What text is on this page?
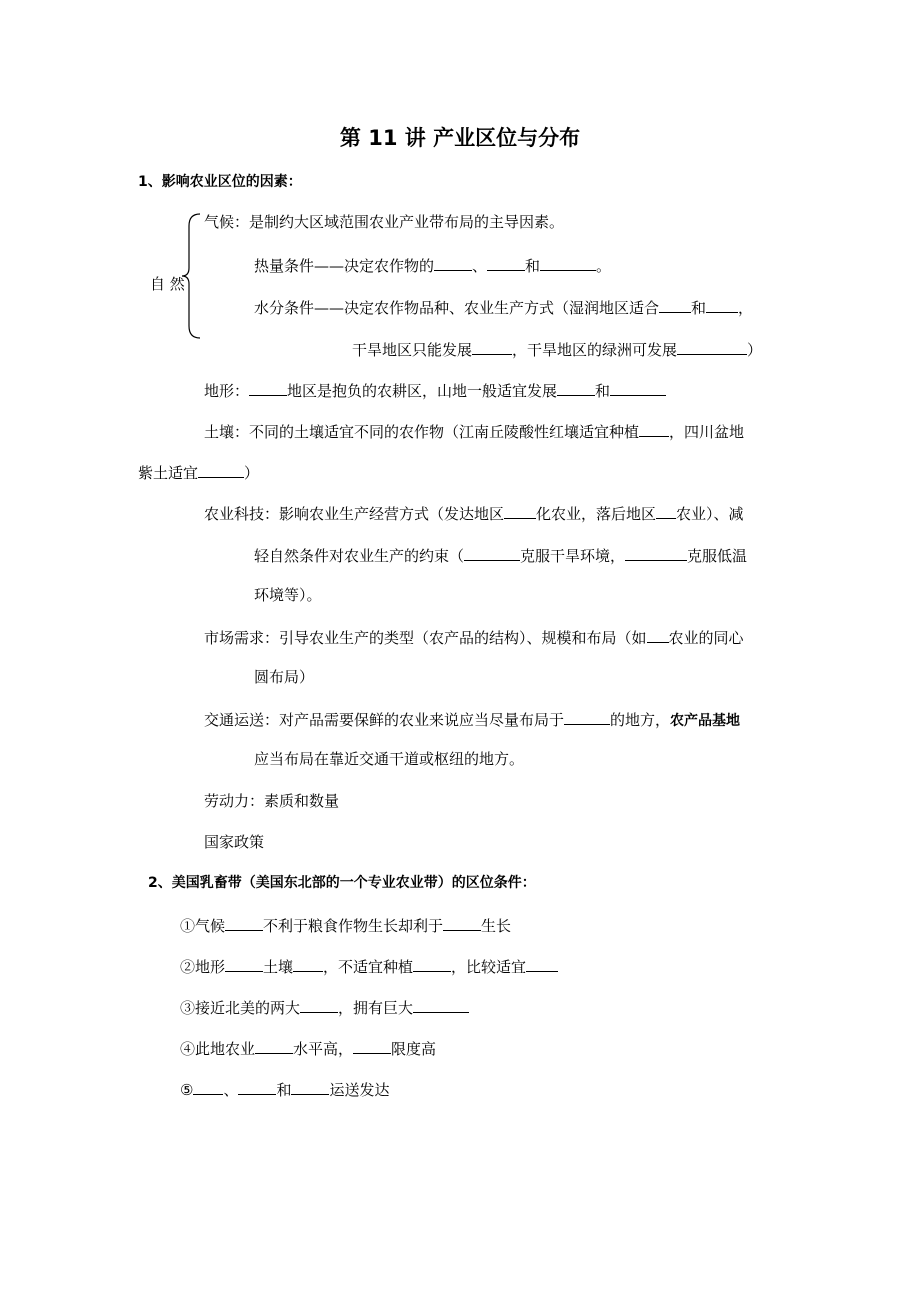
第 11 讲 产业区位与分布
1、影响农业区位的因素：
自 然
气候：是制约大区域范围农业产业带布局的主导因素。
热量条件——决定农作物的	、	和	。
水分条件——决定农作物品种、农业生产方式（湿润地区适合 和 ，
干旱地区只能发展	，干旱地区的绿洲可发展	）
地形：	地区是抱负的农耕区，山地一般适宜发展	和
土壤：不同的土壤适宜不同的农作物（江南丘陵酸性红壤适宜种植 ，四川盆地
紫土适宜	）
农业科技：影响农业生产经营方式（发达地区 化农业，落后地区 农业）、减
轻自然条件对农业生产的约束（	克服干旱环境，	克服低温
环境等）。
市场需求：引导农业生产的类型（农产品的结构）、规模和布局（如 农业的同心
圆布局）
交通运送：对产品需要保鲜的农业来说应当尽量布局于	的地方，农产品基地
应当布局在靠近交通干道或枢纽的地方。
劳动力：素质和数量
国家政策
2、美国乳畜带（美国东北部的一个专业农业带）的区位条件：
①气候	不利于粮食作物生长却利于	生长
②地形	土壤 ，不适宜种植	，比较适宜
③接近北美的两大	，拥有巨大
④此地农业	水平高，	限度高
⑤ 、	和	运送发达
